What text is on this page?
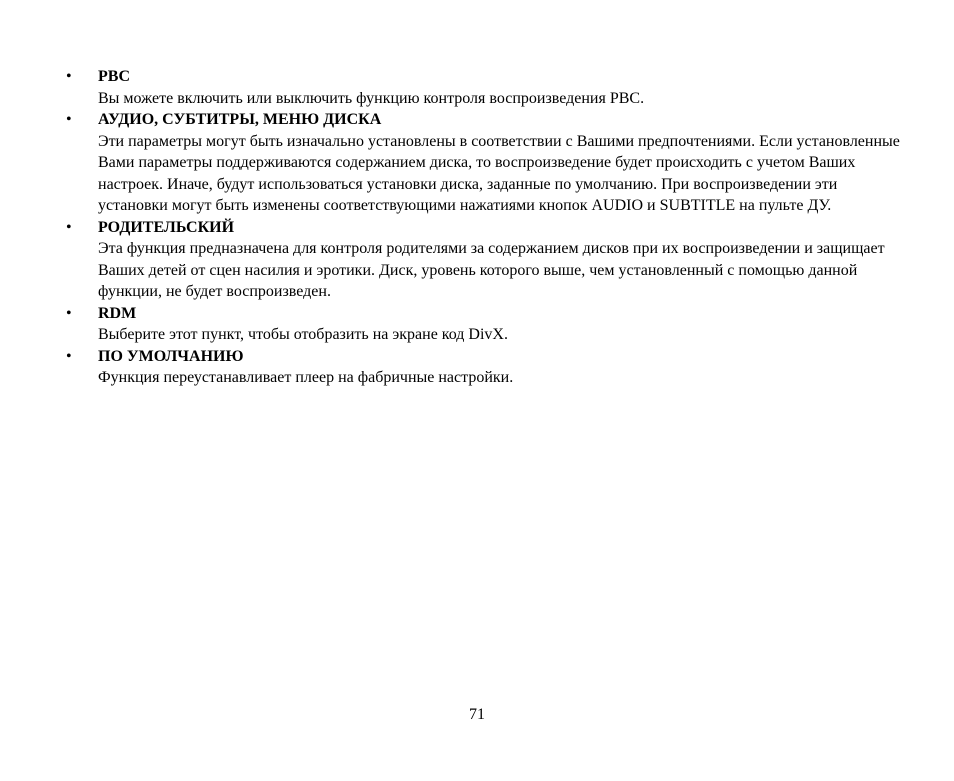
• PBC
Вы можете включить или выключить функцию контроля воспроизведения PBC.
• АУДИО, СУБТИТРЫ, МЕНЮ ДИСКА
Эти параметры могут быть изначально установлены в соответствии с Вашими предпочтениями. Если установленные Вами параметры поддерживаются содержанием диска, то воспроизведение будет происходить с учетом Ваших настроек. Иначе, будут использоваться установки диска, заданные по умолчанию. При воспроизведении эти установки могут быть изменены соответствующими нажатиями кнопок AUDIO и SUBTITLE на пульте ДУ.
• РОДИТЕЛЬСКИЙ
Эта функция предназначена для контроля родителями за содержанием дисков при их воспроизведении и защищает Ваших детей от сцен насилия и эротики. Диск, уровень которого выше, чем установленный с помощью данной функции, не будет воспроизведен.
• RDM
Выберите этот пункт, чтобы отобразить на экране код DivX.
• ПО УМОЛЧАНИЮ
Функция переустанавливает плеер на фабричные настройки.
71
